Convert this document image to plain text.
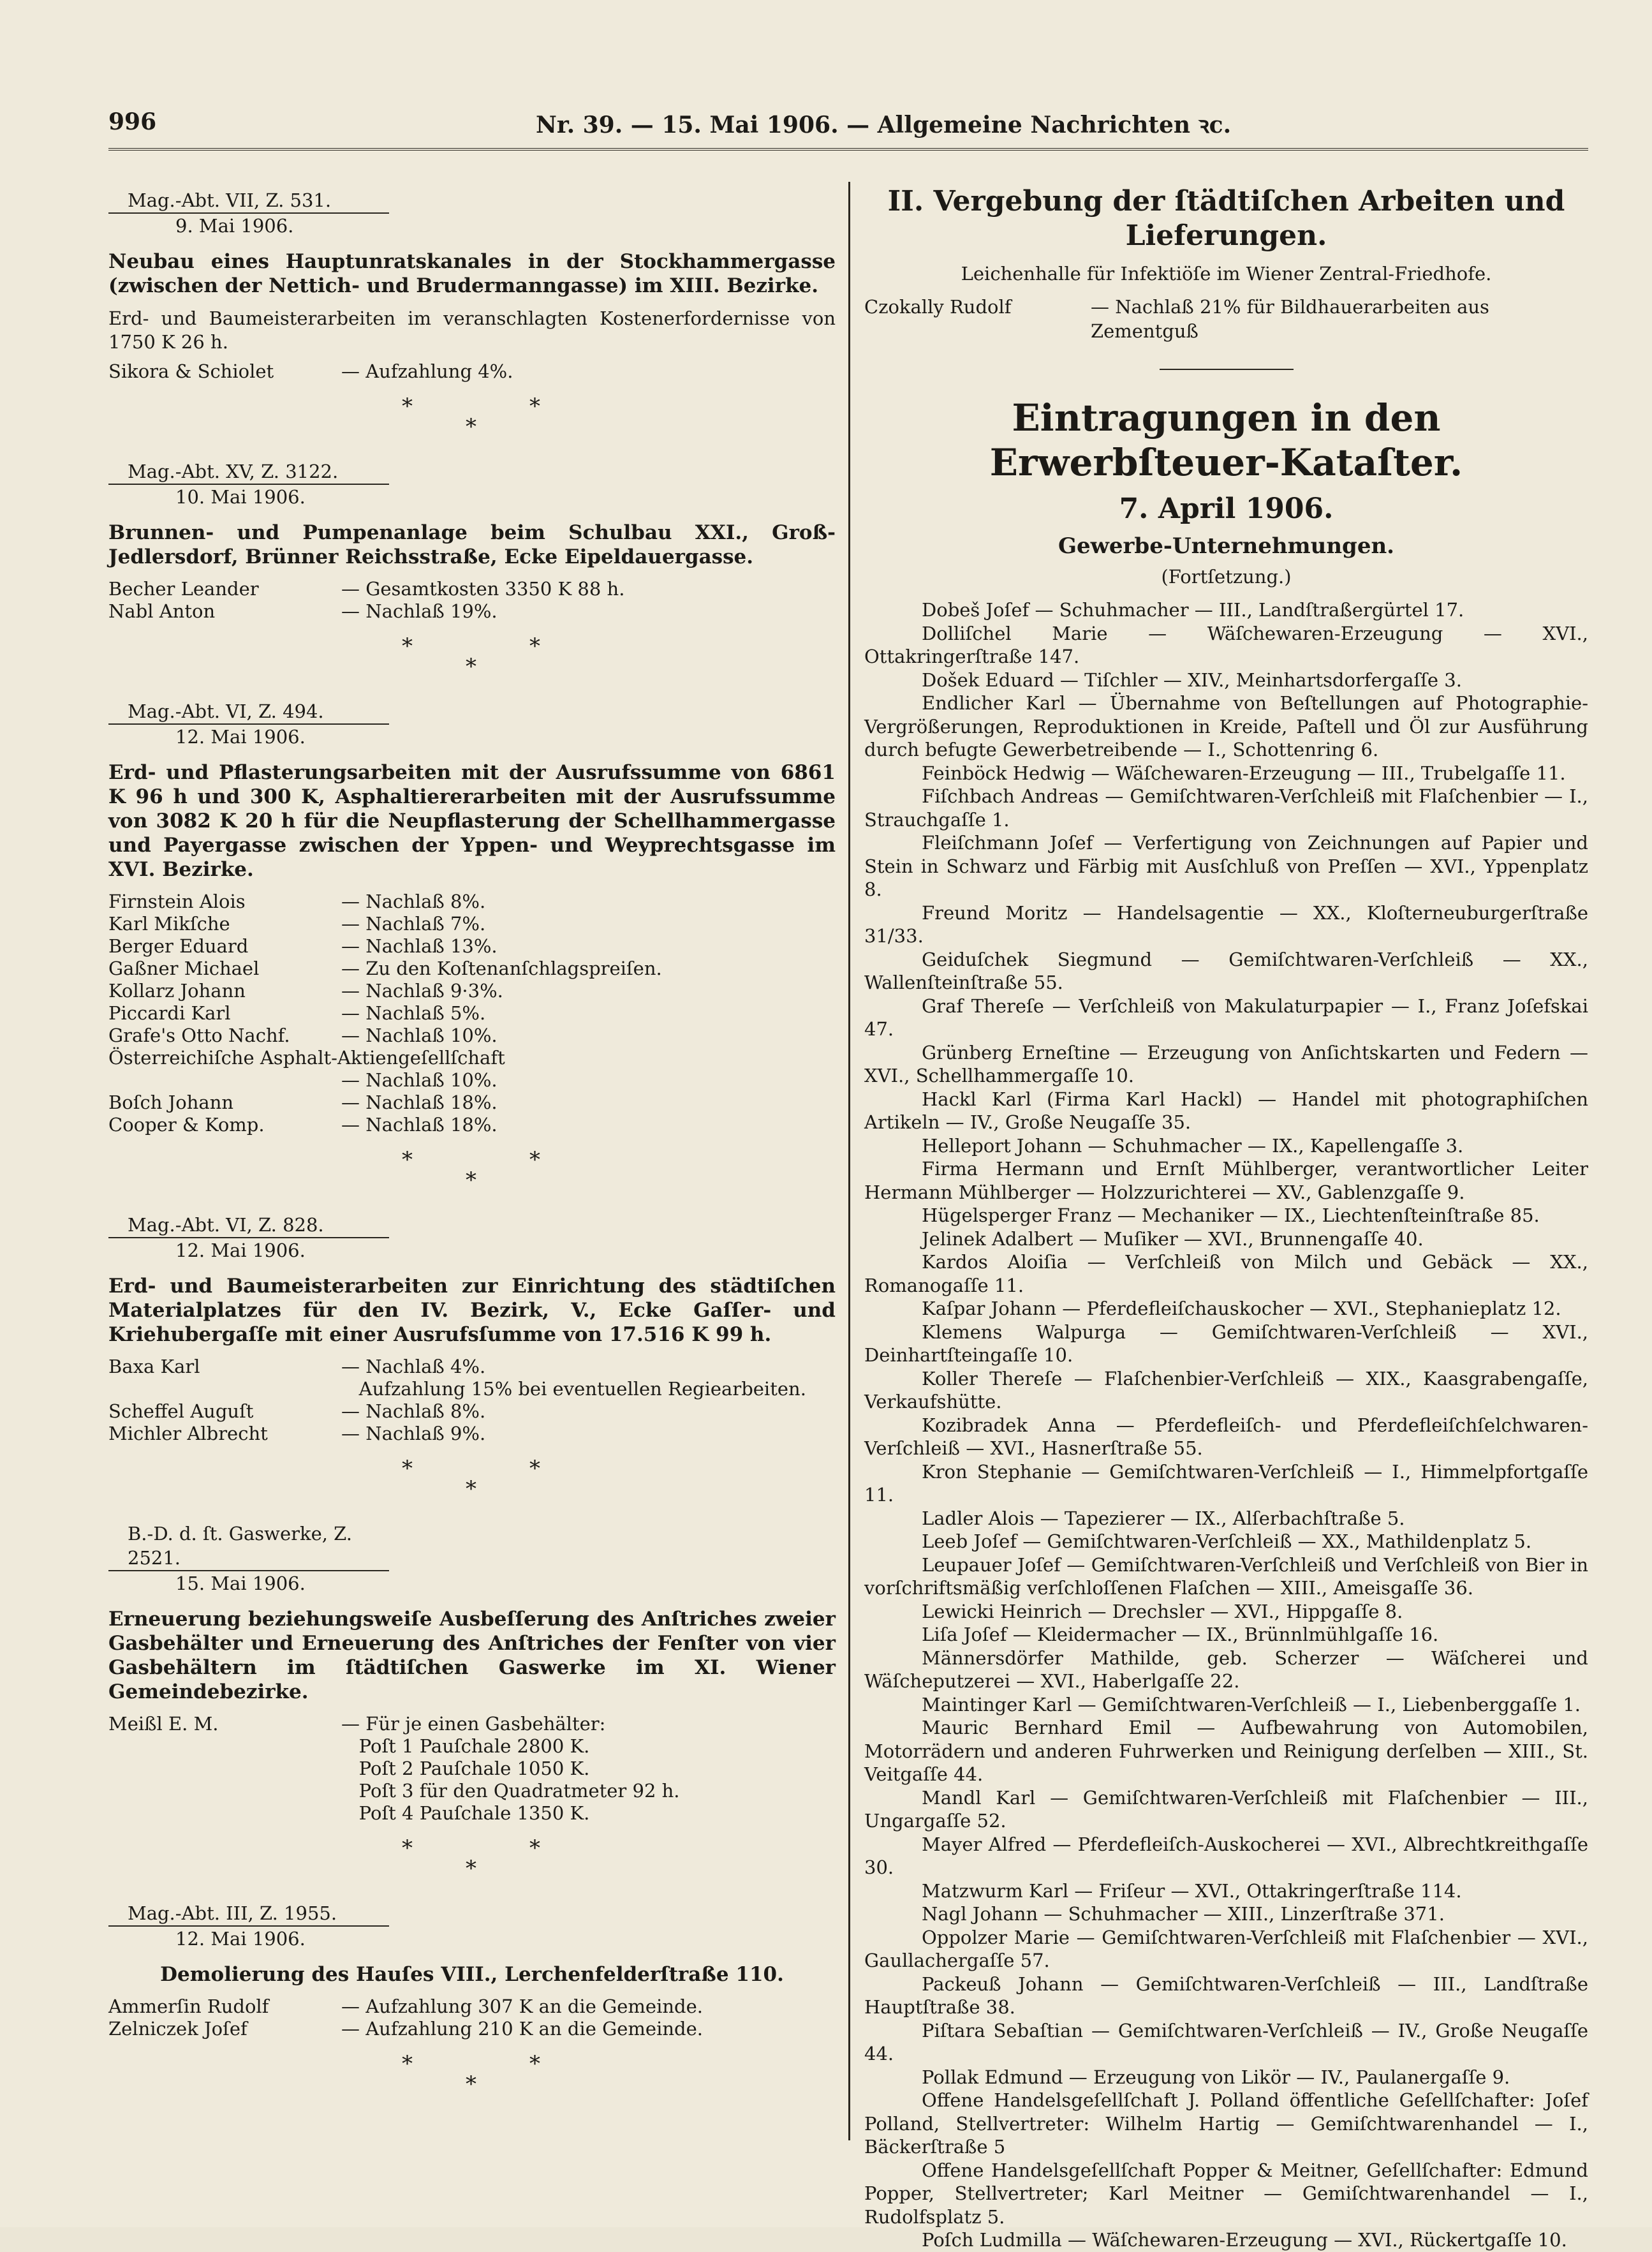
996	Nr. 39. — 15. Mai 1906. — Allgemeine Nachrichten ꝛc.
Mag.-Abt. VII, Z. 531.
9. Mai 1906.
Neubau eines Hauptunratskanales in der Stockhammergasse (zwischen der Nettich- und Brudermanngasse) im XIII. Bezirke.
Erd- und Baumeisterarbeiten im veranschlagten Kostenerfordernisse von 1750 K 26 h.
Sikora & Schiolet	— Aufzahlung 4%.
*
*
*
Mag.-Abt. XV, Z. 3122.
10. Mai 1906.
Brunnen- und Pumpenanlage beim Schulbau XXI., Groß-Jedlersdorf, Brünner Reichsstraße, Ecke Eipeldauergasse.
Becher Leander	— Gesamtkosten 3350 K 88 h.
Nabl Anton	— Nachlaß 19%.
*
*
*
Mag.-Abt. VI, Z. 494.
12. Mai 1906.
Erd- und Pflasterungsarbeiten mit der Ausrufssumme von 6861 K 96 h und 300 K, Asphaltiererarbeiten mit der Ausrufssumme von 3082 K 20 h für die Neupflasterung der Schellhammergasse und Payergasse zwischen der Yppen- und Weyprechtsgasse im XVI. Bezirke.
Firnstein Alois	— Nachlaß 8%.
Karl Mikſche	— Nachlaß 7%.
Berger Eduard	— Nachlaß 13%.
Gaßner Michael	— Zu den Koſtenanſchlagspreiſen.
Kollarz Johann	— Nachlaß 9·3%.
Piccardi Karl	— Nachlaß 5%.
Grafe's Otto Nachf.	— Nachlaß 10%.
Österreichiſche Asphalt-Aktiengeſellſchaft
— Nachlaß 10%.
Boſch Johann	— Nachlaß 18%.
Cooper & Komp.	— Nachlaß 18%.
*
*
*
Mag.-Abt. VI, Z. 828.
12. Mai 1906.
Erd- und Baumeisterarbeiten zur Einrichtung des städtiſchen Materialplatzes für den IV. Bezirk, V., Ecke Gaſſer- und Kriehubergaſſe mit einer Ausrufsſumme von 17.516 K 99 h.
Baxa Karl	— Nachlaß 4%.
Aufzahlung 15% bei eventuellen Regiearbeiten.
Scheffel Auguſt	— Nachlaß 8%.
Michler Albrecht	— Nachlaß 9%.
*
*
*
B.-D. d. ſt. Gaswerke, Z. 2521.
15. Mai 1906.
Erneuerung beziehungsweiſe Ausbeſſerung des Anſtriches zweier Gasbehälter und Erneuerung des Anſtriches der Fenſter von vier Gasbehältern im ſtädtiſchen Gaswerke im XI. Wiener Gemeindebezirke.
Meißl E. M.	— Für je einen Gasbehälter:
Poſt 1 Pauſchale 2800 K.
Poſt 2 Pauſchale 1050 K.
Poſt 3 für den Quadratmeter 92 h.
Poſt 4 Pauſchale 1350 K.
*
*
*
Mag.-Abt. III, Z. 1955.
12. Mai 1906.
Demolierung des Hauſes VIII., Lerchenfelderſtraße 110.
Ammerſin Rudolf	— Aufzahlung 307 K an die Gemeinde.
Zelniczek Joſef	— Aufzahlung 210 K an die Gemeinde.
*
*
*
II. Vergebung der ſtädtiſchen Arbeiten und Lieferungen.
Leichenhalle für Infektiöſe im Wiener Zentral-Friedhofe.
Czokally Rudolf	— Nachlaß 21% für Bildhauerarbeiten aus Zementguß
Eintragungen in den Erwerbſteuer-Kataſter.
7. April 1906.
Gewerbe-Unternehmungen.
(Fortſetzung.)
Dobeš Joſef — Schuhmacher — III., Landſtraßergürtel 17.
Dolliſchel Marie — Wäſchewaren-Erzeugung — XVI., Ottakringerſtraße 147.
Došek Eduard — Tiſchler — XIV., Meinhartsdorfergaſſe 3.
Endlicher Karl — Übernahme von Beſtellungen auf Photographie-Vergrößerungen, Reproduktionen in Kreide, Paſtell und Öl zur Ausführung durch befugte Gewerbetreibende — I., Schottenring 6.
Feinböck Hedwig — Wäſchewaren-Erzeugung — III., Trubelgaſſe 11.
Fiſchbach Andreas — Gemiſchtwaren-Verſchleiß mit Flaſchenbier — I., Strauchgaſſe 1.
Fleiſchmann Joſef — Verfertigung von Zeichnungen auf Papier und Stein in Schwarz und Färbig mit Ausſchluß von Preſſen — XVI., Yppenplatz 8.
Freund Moritz — Handelsagentie — XX., Kloſterneuburgerſtraße 31/33.
Geiduſchek Siegmund — Gemiſchtwaren-Verſchleiß — XX., Wallenſteinſtraße 55.
Graf Thereſe — Verſchleiß von Makulaturpapier — I., Franz Joſefskai 47.
Grünberg Erneſtine — Erzeugung von Anſichtskarten und Federn — XVI., Schellhammergaſſe 10.
Hackl Karl (Firma Karl Hackl) — Handel mit photographiſchen Artikeln — IV., Große Neugaſſe 35.
Helleport Johann — Schuhmacher — IX., Kapellengaſſe 3.
Firma Hermann und Ernſt Mühlberger, verantwortlicher Leiter Hermann Mühlberger — Holzzurichterei — XV., Gablenzgaſſe 9.
Hügelsperger Franz — Mechaniker — IX., Liechtenſteinſtraße 85.
Jelinek Adalbert — Muſiker — XVI., Brunnengaſſe 40.
Kardos Aloiſia — Verſchleiß von Milch und Gebäck — XX., Romanogaſſe 11.
Kaſpar Johann — Pferdefleiſchauskocher — XVI., Stephanieplatz 12.
Klemens Walpurga — Gemiſchtwaren-Verſchleiß — XVI., Deinhartſteingaſſe 10.
Koller Thereſe — Flaſchenbier-Verſchleiß — XIX., Kaasgrabengaſſe, Verkaufshütte.
Kozibradek Anna — Pferdefleiſch- und Pferdefleiſchſelchwaren-Verſchleiß — XVI., Hasnerſtraße 55.
Kron Stephanie — Gemiſchtwaren-Verſchleiß — I., Himmelpfortgaſſe 11.
Ladler Alois — Tapezierer — IX., Alſerbachſtraße 5.
Leeb Joſef — Gemiſchtwaren-Verſchleiß — XX., Mathildenplatz 5.
Leupauer Joſef — Gemiſchtwaren-Verſchleiß und Verſchleiß von Bier in vorſchriftsmäßig verſchloſſenen Flaſchen — XIII., Ameisgaſſe 36.
Lewicki Heinrich — Drechsler — XVI., Hippgaſſe 8.
Liſa Joſef — Kleidermacher — IX., Brünnlmühlgaſſe 16.
Männersdörfer Mathilde, geb. Scherzer — Wäſcherei und Wäſcheputzerei — XVI., Haberlgaſſe 22.
Maintinger Karl — Gemiſchtwaren-Verſchleiß — I., Liebenberggaſſe 1.
Mauric Bernhard Emil — Aufbewahrung von Automobilen, Motorrädern und anderen Fuhrwerken und Reinigung derſelben — XIII., St. Veitgaſſe 44.
Mandl Karl — Gemiſchtwaren-Verſchleiß mit Flaſchenbier — III., Ungargaſſe 52.
Mayer Alfred — Pferdefleiſch-Auskocherei — XVI., Albrechtkreithgaſſe 30.
Matzwurm Karl — Friſeur — XVI., Ottakringerſtraße 114.
Nagl Johann — Schuhmacher — XIII., Linzerſtraße 371.
Oppolzer Marie — Gemiſchtwaren-Verſchleiß mit Flaſchenbier — XVI., Gaullachergaſſe 57.
Packeuß Johann — Gemiſchtwaren-Verſchleiß — III., Landſtraße Hauptſtraße 38.
Piſtara Sebaſtian — Gemiſchtwaren-Verſchleiß — IV., Große Neugaſſe 44.
Pollak Edmund — Erzeugung von Likör — IV., Paulanergaſſe 9.
Offene Handelsgeſellſchaft J. Polland öffentliche Geſellſchafter: Joſef Polland, Stellvertreter: Wilhelm Hartig — Gemiſchtwarenhandel — I., Bäckerſtraße 5
Offene Handelsgeſellſchaft Popper & Meitner, Geſellſchafter: Edmund Popper, Stellvertreter; Karl Meitner — Gemiſchtwarenhandel — I., Rudolfsplatz 5.
Poſch Ludmilla — Wäſchewaren-Erzeugung — XVI., Rückertgaſſe 10.
